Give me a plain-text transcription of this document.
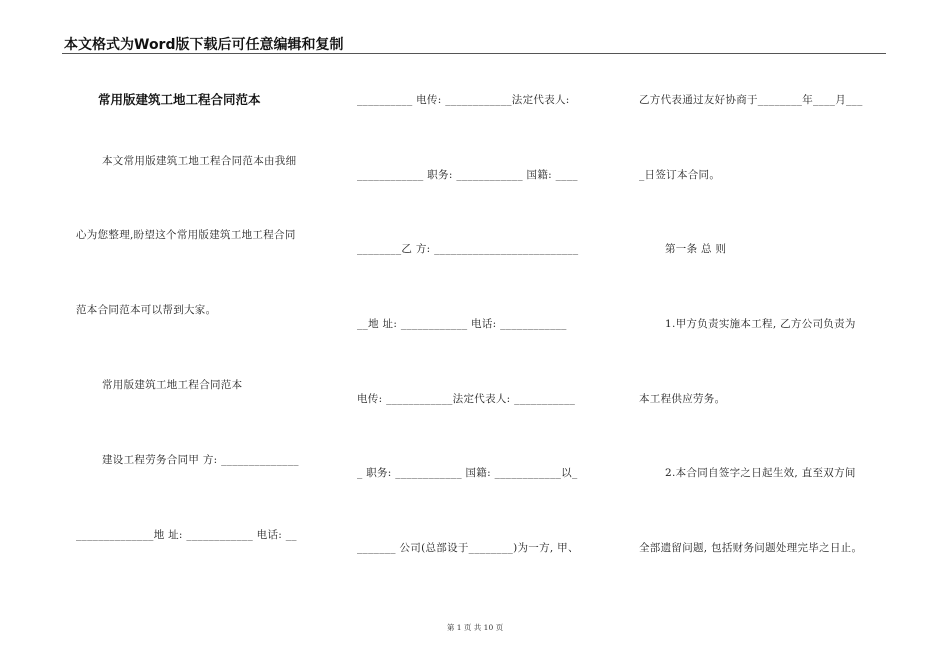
本文格式为Word版下载后可任意编辑和复制
常用版建筑工地工程合同范本
本文常用版建筑工地工程合同范本由我细
心为您整理,盼望这个常用版建筑工地工程合同
范本合同范本可以帮到大家。
常用版建筑工地工程合同范本
建设工程劳务合同甲 方: ______________
______________地 址: ____________ 电话: __
__________ 电传: ____________法定代表人:
____________ 职务: ____________ 国籍: ____
________乙 方: __________________________
__地 址: ____________ 电话: ____________
电传: ____________法定代表人: ___________
_ 职务: ____________ 国籍: ____________以_
_______ 公司(总部设于________)为一方, 甲、
乙方代表通过友好协商于________年____月___
_日签订本合同。
第一条 总 则
1.甲方负责实施本工程, 乙方公司负责为
本工程供应劳务。
2.本合同自签字之日起生效, 直至双方间
全部遗留问题, 包括财务问题处理完毕之日止。
第 1 页 共 10 页
